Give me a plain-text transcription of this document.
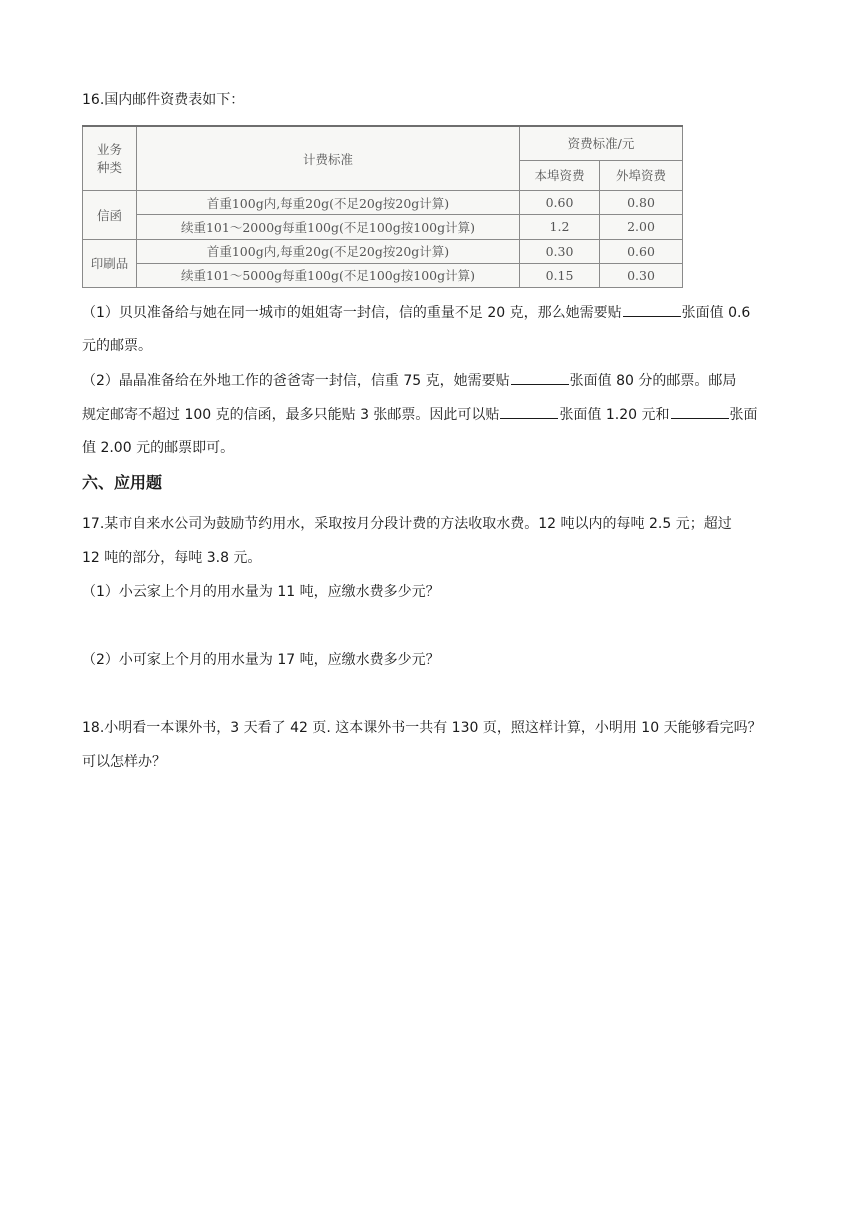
16.国内邮件资费表如下：
业务
种类	计费标准	资费标准/元	
		本埠资费	外埠资费
信函	首重100g内,每重20g(不足20g按20g计算)	0.60	0.80
	续重101～2000g每重100g(不足100g按100g计算)	1.2	2.00
印刷品	首重100g内,每重20g(不足20g按20g计算)	0.30	0.60
	续重101～5000g每重100g(不足100g按100g计算)	0.15	0.30
（1）贝贝准备给与她在同一城市的姐姐寄一封信，信的重量不足 20 克，那么她需要贴	张面值 0.6
元的邮票。
（2）晶晶准备给在外地工作的爸爸寄一封信，信重 75 克，她需要贴	张面值 80 分的邮票。邮局
规定邮寄不超过 100 克的信函，最多只能贴 3 张邮票。因此可以贴	张面值 1.20 元和	张面
值 2.00 元的邮票即可。
六、应用题
17.某市自来水公司为鼓励节约用水，采取按月分段计费的方法收取水费。12 吨以内的每吨 2.5 元；超过
12 吨的部分，每吨 3.8 元。
（1）小云家上个月的用水量为 11 吨，应缴水费多少元？
（2）小可家上个月的用水量为 17 吨，应缴水费多少元？
18.小明看一本课外书，3 天看了 42 页. 这本课外书一共有 130 页，照这样计算，小明用 10 天能够看完吗？
可以怎样办？
